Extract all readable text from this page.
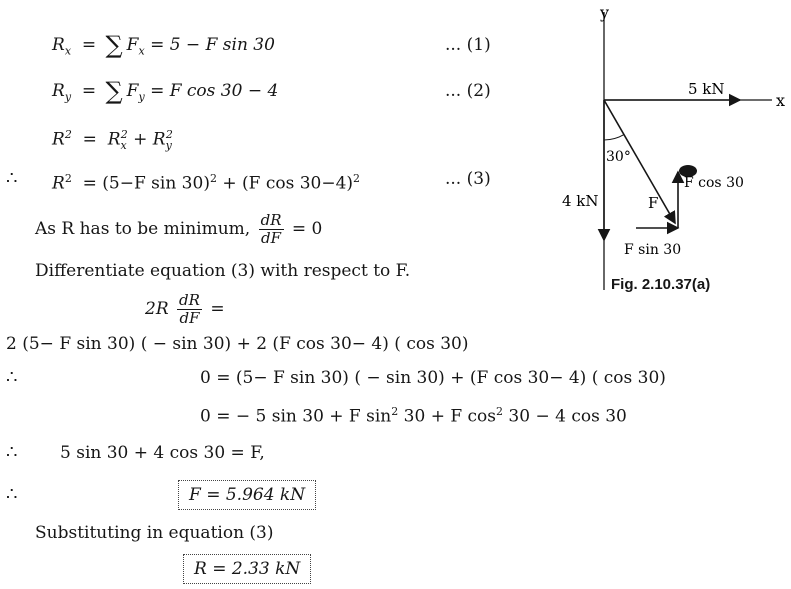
$R_x$ = ∑ $F_x = 5 - F$ sin 30	... (1)
$R_y$ = ∑ $F_y = F$ cos 30 − 4	... (2)
$R^2 = R_x^2 + R_y^2$
∴ $R^2 = (5-F$ sin 30)$^2$ + (F cos 30−4)$^2$	... (3)
As R has to be minimum, $\frac{dR}{dF} = 0$
Differentiate equation (3) with respect to F.
$2R \frac{dR}{dF}$ =
2 (5− F sin 30) ( − sin 30) + 2 (F cos 30− 4) ( cos 30)
∴	0 = (5− F sin 30) ( − sin 30) + (F cos 30− 4) ( cos 30)
0 = − 5 sin 30 + F $\sin^2 30 + F$ $\cos^2 30 - 4$ cos 30
∴	5 sin 30 + 4 cos 30 = F,
∴	F = 5.964 kN
Substituting in equation (3)
R = 2.33 kN
y
x
5 kN
4 kN
30°
F
F cos 30
F sin 30
Fig. 2.10.37(a)
